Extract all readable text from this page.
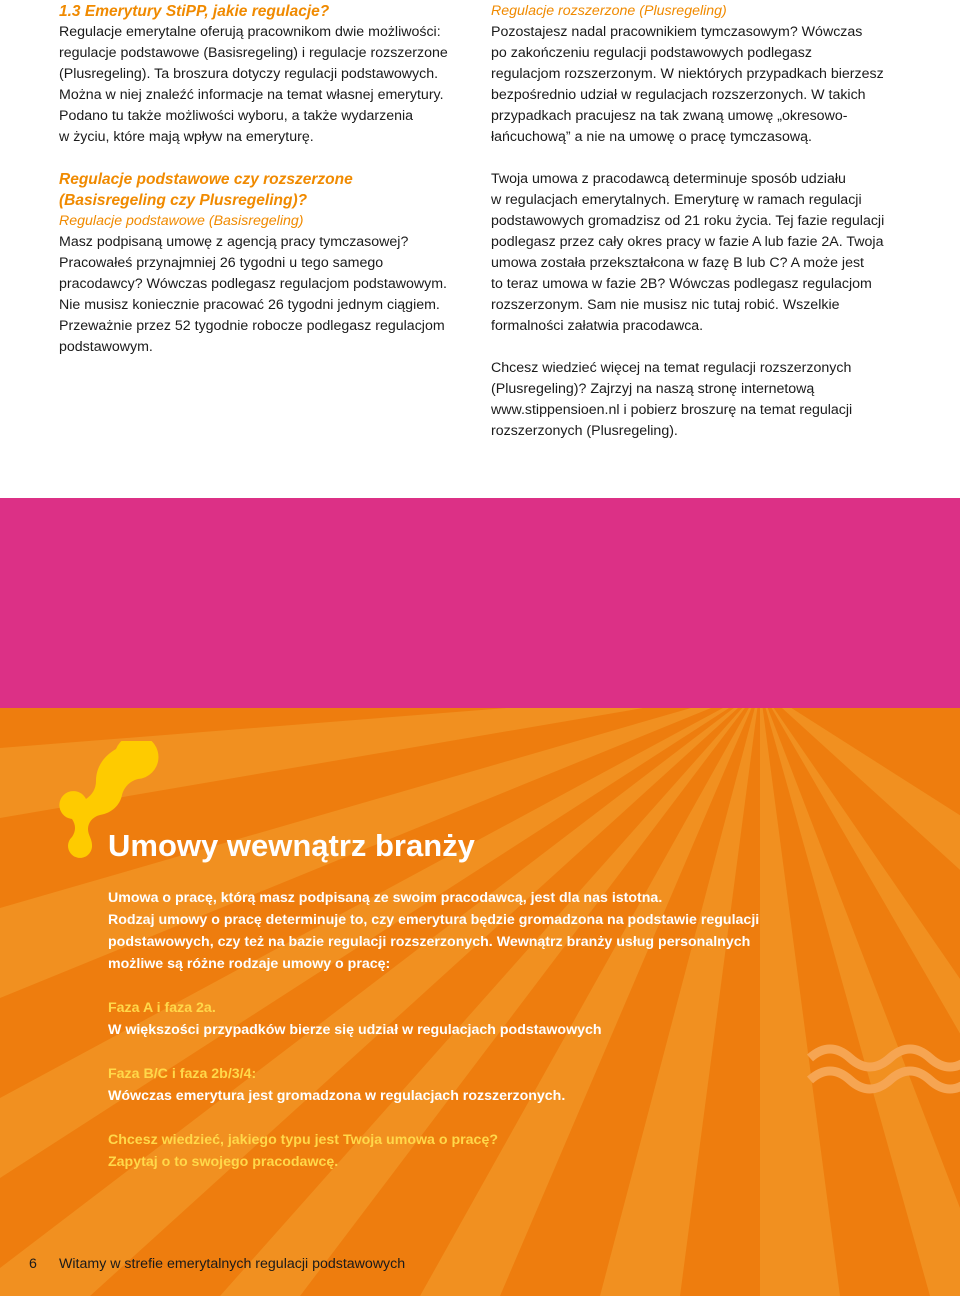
1.3 Emerytury StiPP, jakie regulacje?

Regulacje emerytalne oferują pracownikom dwie możliwości:

regulacje podstawowe (Basisregeling) i regulacje rozszerzone

(Plusregeling). Ta broszura dotyczy regulacji podstawowych.

Można w niej znaleźć informacje na temat własnej emerytury.

Podano tu także możliwości wyboru, a także wydarzenia

w życiu, które mają wpływ na emeryturę.

Regulacje podstawowe czy rozszerzone

(Basisregeling czy Plusregeling)?

Regulacje podstawowe (Basisregeling)

Masz podpisaną umowę z agencją pracy tymczasowej?

Pracowałeś przynajmniej 26 tygodni u tego samego

pracodawcy? Wówczas podlegasz regulacjom podstawowym.

Nie musisz koniecznie pracować 26 tygodni jednym ciągiem.

Przeważnie przez 52 tygodnie robocze podlegasz regulacjom

podstawowym.

Regulacje rozszerzone (Plusregeling)

Pozostajesz nadal pracownikiem tymczasowym? Wówczas

po zakończeniu regulacji podstawowych podlegasz

regulacjom rozszerzonym. W niektórych przypadkach bierzesz

bezpośrednio udział w regulacjach rozszerzonych. W takich

przypadkach pracujesz na tak zwaną umowę „okresowo-

łańcuchową” a nie na umowę o pracę tymczasową.

Twoja umowa z pracodawcą determinuje sposób udziału

w regulacjach emerytalnych. Emeryturę w ramach regulacji

podstawowych gromadzisz od 21 roku życia. Tej fazie regulacji

podlegasz przez cały okres pracy w fazie A lub fazie 2A. Twoja

umowa została przekształcona w fazę B lub C? A może jest

to teraz umowa w fazie 2B? Wówczas podlegasz regulacjom

rozszerzonym. Sam nie musisz nic tutaj robić. Wszelkie

formalności załatwia pracodawca.

Chcesz wiedzieć więcej na temat regulacji rozszerzonych

(Plusregeling)? Zajrzyj na naszą stronę internetową

www.stippensioen.nl i pobierz broszurę na temat regulacji

rozszerzonych (Plusregeling).

Umowy wewnątrz branży

Umowa o pracę, którą masz podpisaną ze swoim pracodawcą, jest dla nas istotna.

Rodzaj umowy o pracę determinuje to, czy emerytura będzie gromadzona na podstawie regulacji

podstawowych, czy też na bazie regulacji rozszerzonych. Wewnątrz branży usług personalnych

możliwe są różne rodzaje umowy o pracę:

Faza A i faza 2a.

W większości przypadków bierze się udział w regulacjach podstawowych

Faza B/C i faza 2b/3/4:

Wówczas emerytura jest gromadzona w regulacjach rozszerzonych.

Chcesz wiedzieć, jakiego typu jest Twoja umowa o pracę?

Zapytaj o to swojego pracodawcę.

6 Witamy w strefie emerytalnych regulacji podstawowych
